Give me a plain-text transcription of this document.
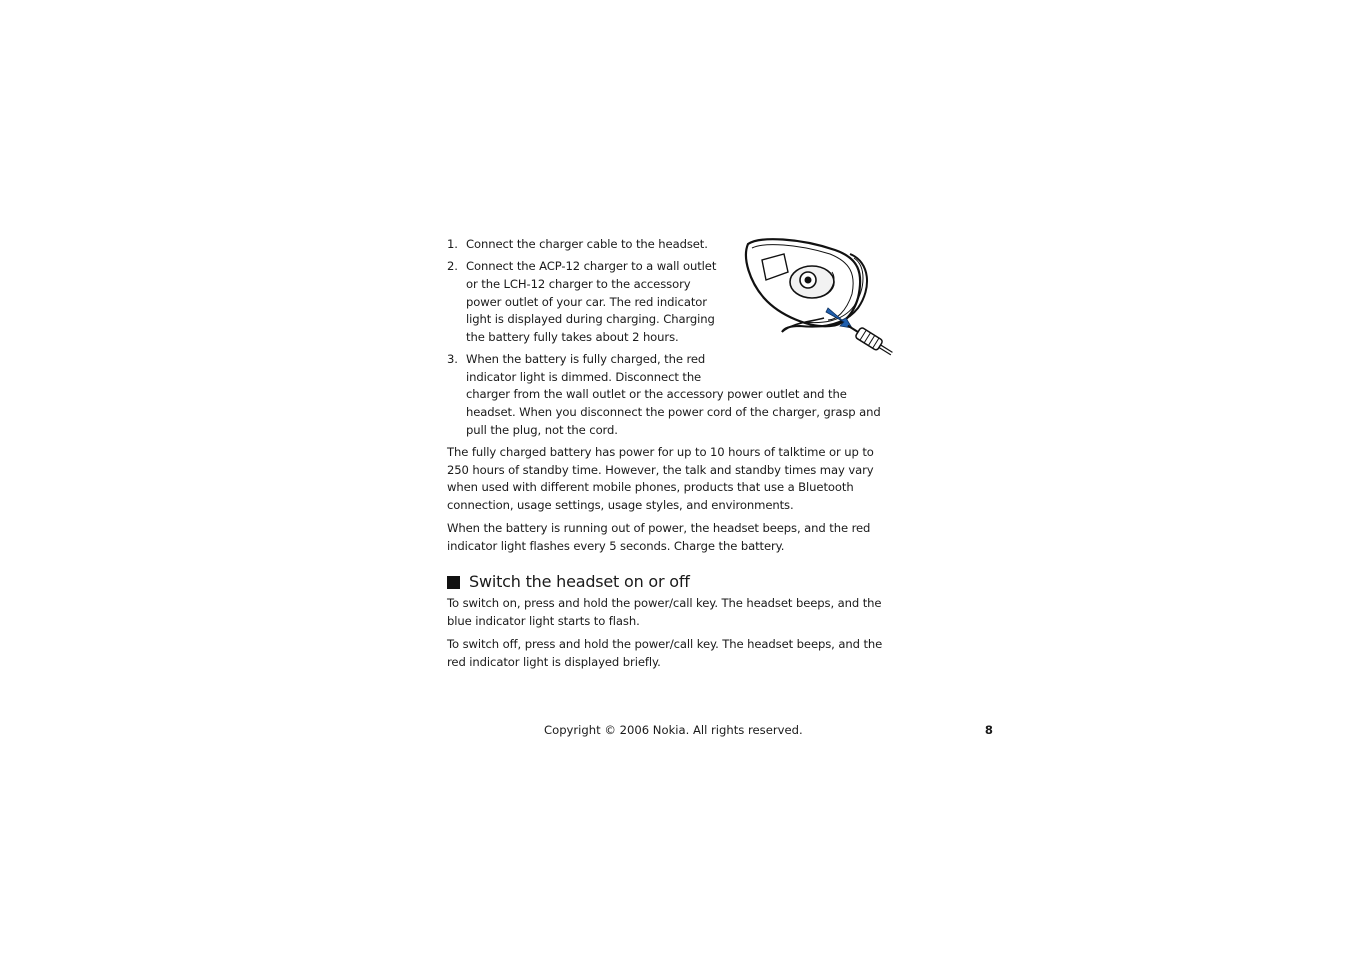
1. Connect the charger cable to the headset.
2. Connect the ACP-12 charger to a wall outlet or the LCH-12 charger to the accessory power outlet of your car. The red indicator light is displayed during charging. Charging the battery fully takes about 2 hours.
3. When the battery is fully charged, the red
indicator light is dimmed. Disconnect the
charger from the wall outlet or the accessory power outlet and the headset. When you disconnect the power cord of the charger, grasp and pull the plug, not the cord.

The fully charged battery has power for up to 10 hours of talktime or up to 250 hours of standby time. However, the talk and standby times may vary when used with different mobile phones, products that use a Bluetooth connection, usage settings, usage styles, and environments.

When the battery is running out of power, the headset beeps, and the red indicator light flashes every 5 seconds. Charge the battery.

Switch the headset on or off

To switch on, press and hold the power/call key. The headset beeps, and the blue indicator light starts to flash.

To switch off, press and hold the power/call key. The headset beeps, and the red indicator light is displayed briefly.

Copyright © 2006 Nokia. All rights reserved.	8
